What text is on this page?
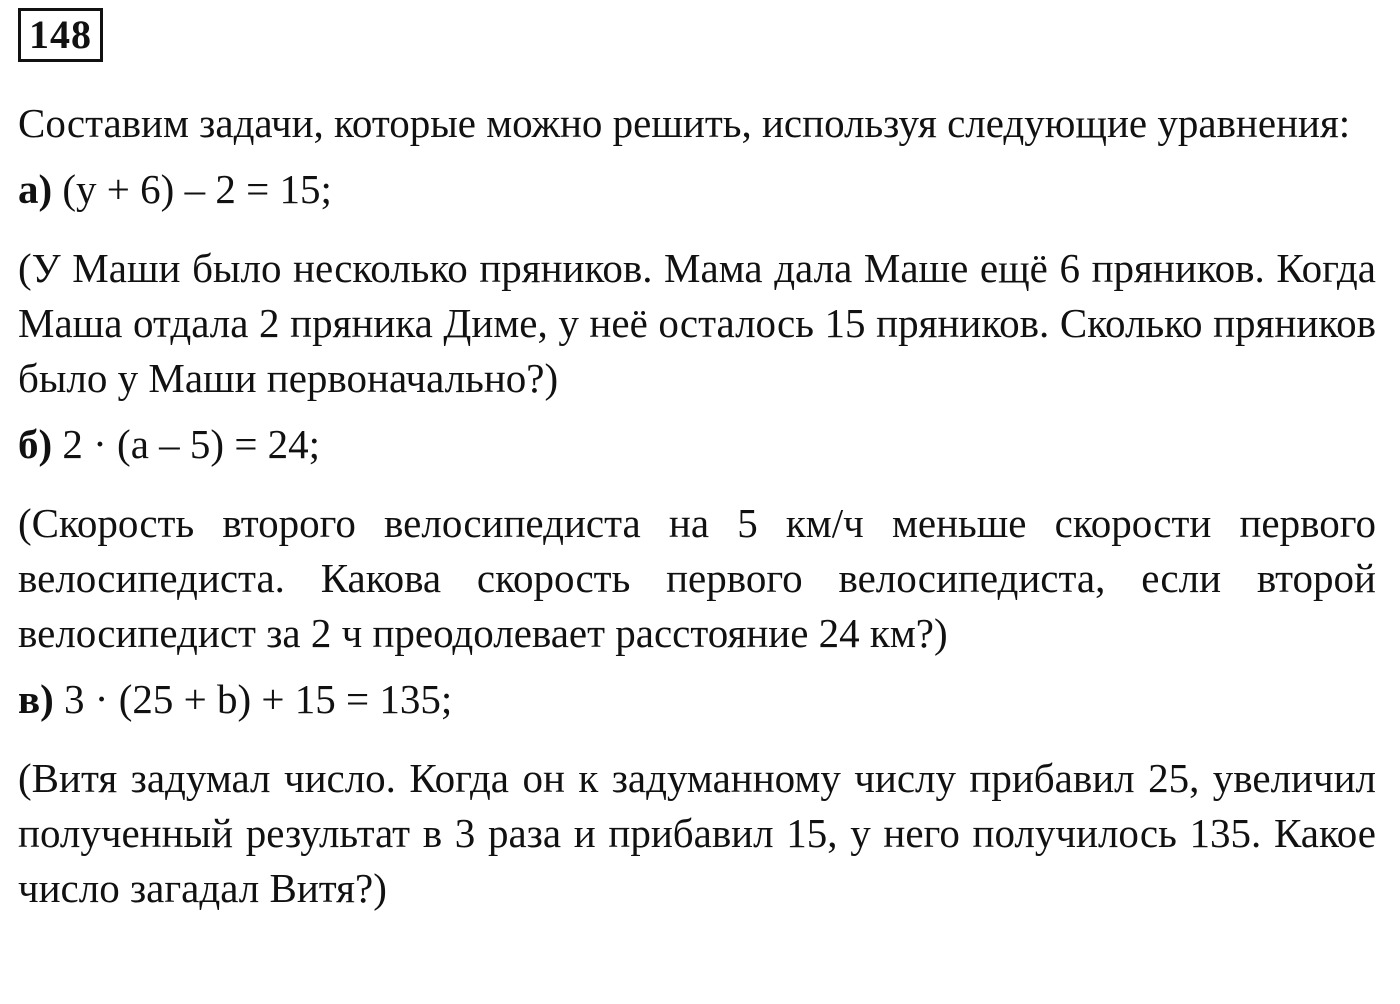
148

Составим задачи, которые можно решить, используя следующие уравнения:

а) (y + 6) – 2 = 15;

(У Маши было несколько пряников. Мама дала Маше ещё 6 пряников. Когда Маша отдала 2 пряника Диме, у неё осталось 15 пряников. Сколько пряников было у Маши первоначально?)

б) 2 · (a – 5) = 24;

(Скорость второго велосипедиста на 5 км/ч меньше скорости первого велосипедиста. Какова скорость первого велосипедиста, если второй велосипедист за 2 ч преодолевает расстояние 24 км?)

в) 3 · (25 + b) + 15 = 135;

(Витя задумал число. Когда он к задуманному числу прибавил 25, увеличил полученный результат в 3 раза и прибавил 15, у него получилось 135. Какое число загадал Витя?)
